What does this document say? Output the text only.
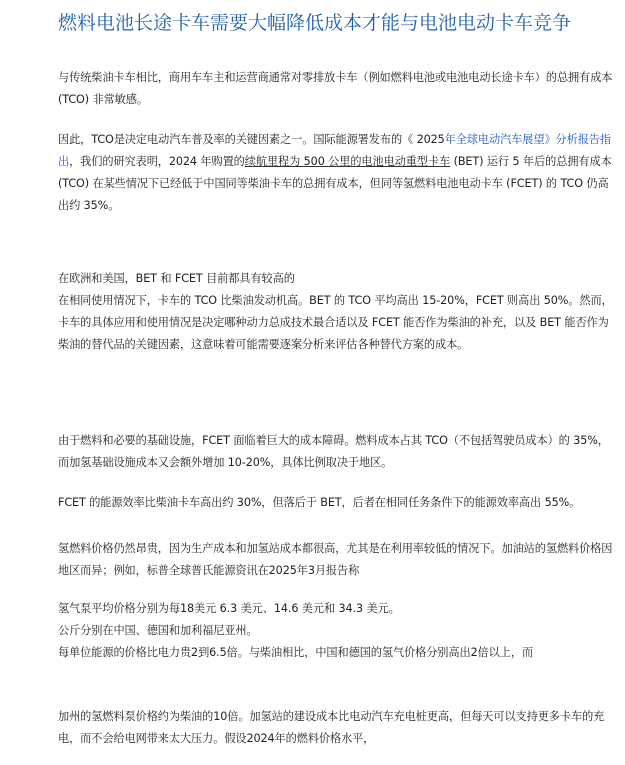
燃料电池长途卡车需要大幅降低成本才能与电池电动卡车竞争

与传统柴油卡车相比，商用车车主和运营商通常对零排放卡车（例如燃料电池或电池电动长途卡车）的总拥有成本 (TCO) 非常敏感。

因此，TCO是决定电动汽车普及率的关键因素之一。国际能源署发布的《 2025年全球电动汽车展望》分析报告指出，我们的研究表明，2024 年购置的续航里程为 500 公里的电池电动重型卡车 (BET) 运行 5 年后的总拥有成本 (TCO) 在某些情况下已经低于中国同等柴油卡车的总拥有成本，但同等氢燃料电池电动卡车 (FCET) 的 TCO 仍高出约 35%。

在欧洲和美国，BET 和 FCET 目前都具有较高的

在相同使用情况下，卡车的 TCO 比柴油发动机高。BET 的 TCO 平均高出 15-20%，FCET 则高出 50%。然而，卡车的具体应用和使用情况是决定哪种动力总成技术最合适以及 FCET 能否作为柴油的补充，以及 BET 能否作为柴油的替代品的关键因素，这意味着可能需要逐案分析来评估各种替代方案的成本。

由于燃料和必要的基础设施，FCET 面临着巨大的成本障碍。燃料成本占其 TCO（不包括驾驶员成本）的 35%，而加氢基础设施成本又会额外增加 10-20%，具体比例取决于地区。

FCET 的能源效率比柴油卡车高出约 30%，但落后于 BET，后者在相同任务条件下的能源效率高出 55%。

氢燃料价格仍然昂贵，因为生产成本和加氢站成本都很高，尤其是在利用率较低的情况下。加油站的氢燃料价格因地区而异；例如，标普全球普氏能源资讯在2025年3月报告称

氢气泵平均价格分别为每18美元 6.3 美元、14.6 美元和 34.3 美元。

公斤分别在中国、德国和加利福尼亚州。

每单位能源的价格比电力贵2到6.5倍。与柴油相比，中国和德国的氢气价格分别高出2倍以上，而

加州的氢燃料泵价格约为柴油的10倍。加氢站的建设成本比电动汽车充电桩更高，但每天可以支持更多卡车的充电，而不会给电网带来太大压力。假设2024年的燃料价格水平，
